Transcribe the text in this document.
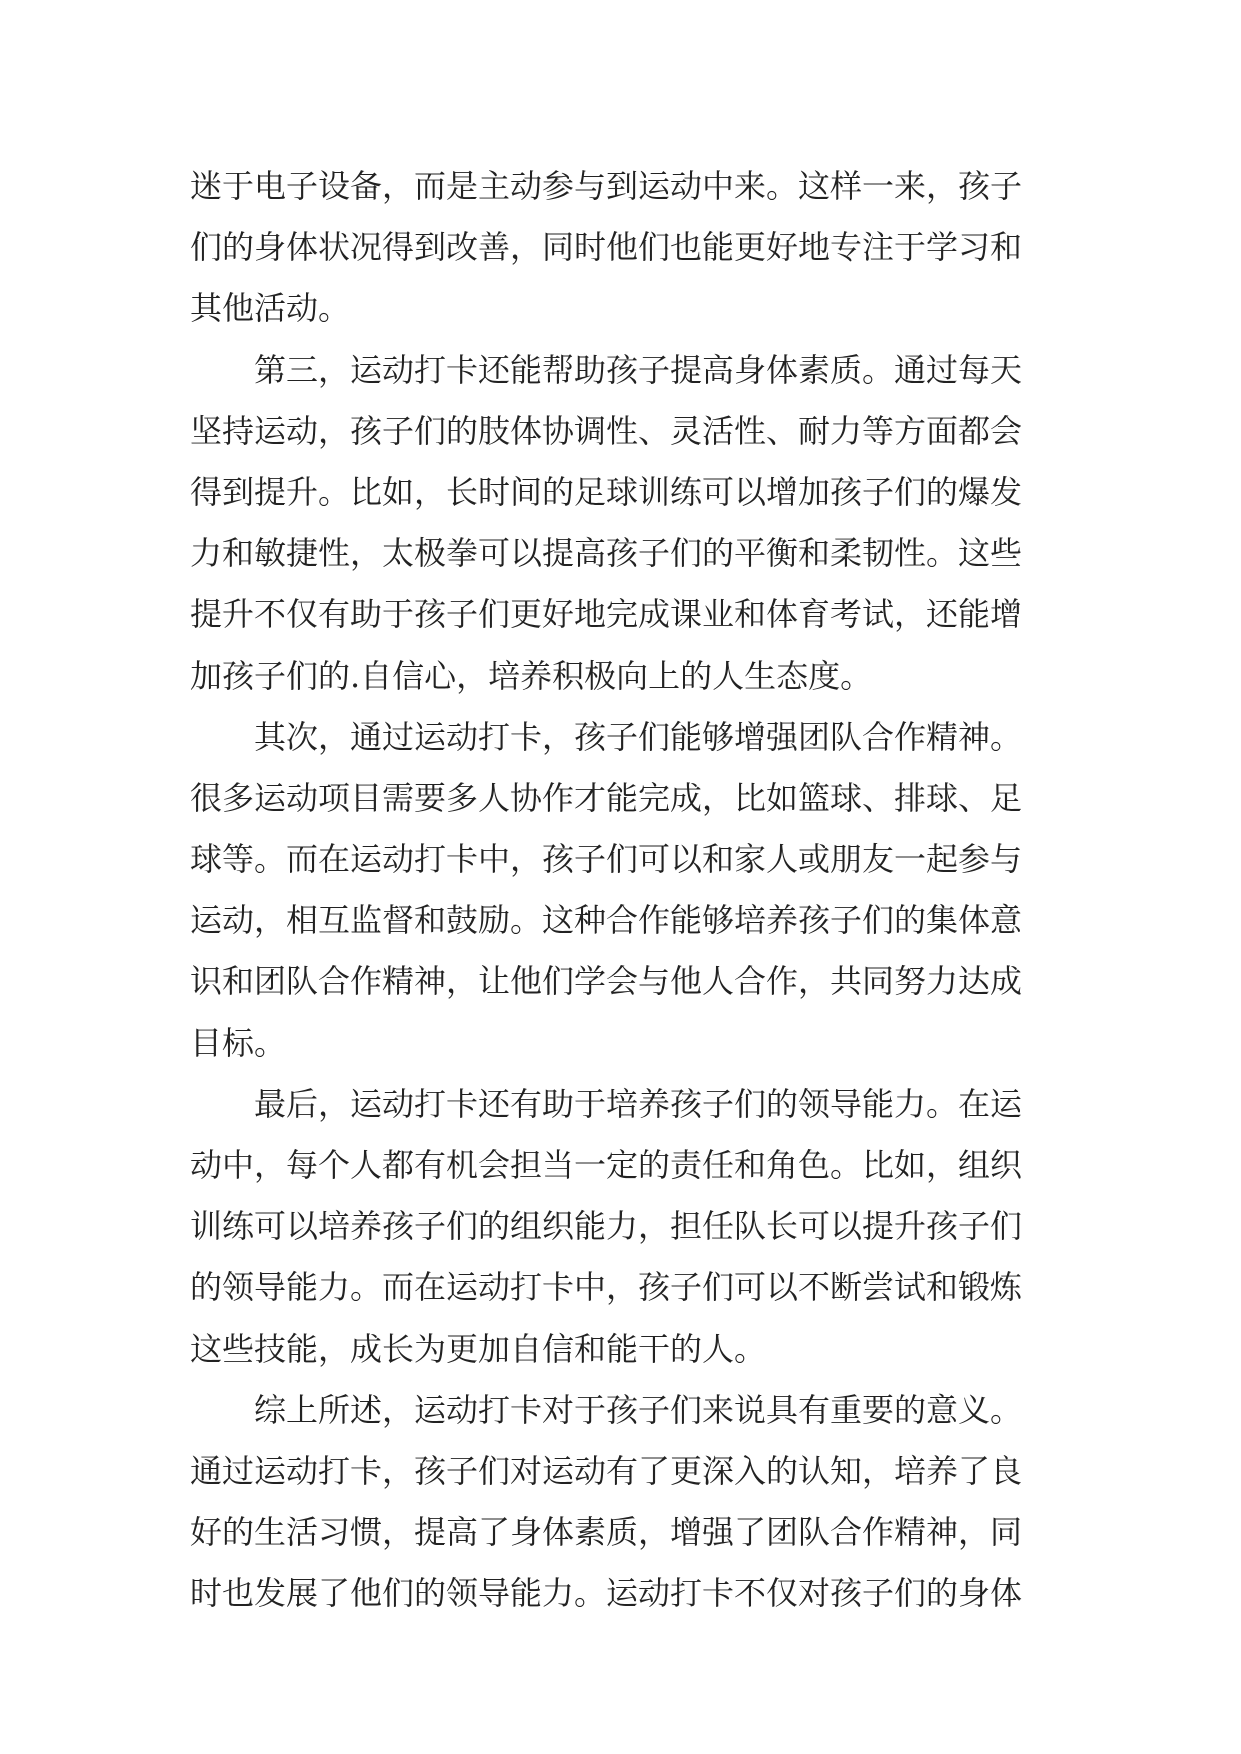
迷于电子设备，而是主动参与到运动中来。这样一来，孩子
们的身体状况得到改善，同时他们也能更好地专注于学习和
其他活动。
第三，运动打卡还能帮助孩子提高身体素质。通过每天
坚持运动，孩子们的肢体协调性、灵活性、耐力等方面都会
得到提升。比如，长时间的足球训练可以增加孩子们的爆发
力和敏捷性，太极拳可以提高孩子们的平衡和柔韧性。这些
提升不仅有助于孩子们更好地完成课业和体育考试，还能增
加孩子们的.自信心，培养积极向上的人生态度。
其次，通过运动打卡，孩子们能够增强团队合作精神。
很多运动项目需要多人协作才能完成，比如篮球、排球、足
球等。而在运动打卡中，孩子们可以和家人或朋友一起参与
运动，相互监督和鼓励。这种合作能够培养孩子们的集体意
识和团队合作精神，让他们学会与他人合作，共同努力达成
目标。
最后，运动打卡还有助于培养孩子们的领导能力。在运
动中，每个人都有机会担当一定的责任和角色。比如，组织
训练可以培养孩子们的组织能力，担任队长可以提升孩子们
的领导能力。而在运动打卡中，孩子们可以不断尝试和锻炼
这些技能，成长为更加自信和能干的人。
综上所述，运动打卡对于孩子们来说具有重要的意义。
通过运动打卡，孩子们对运动有了更深入的认知，培养了良
好的生活习惯，提高了身体素质，增强了团队合作精神，同
时也发展了他们的领导能力。运动打卡不仅对孩子们的身体
